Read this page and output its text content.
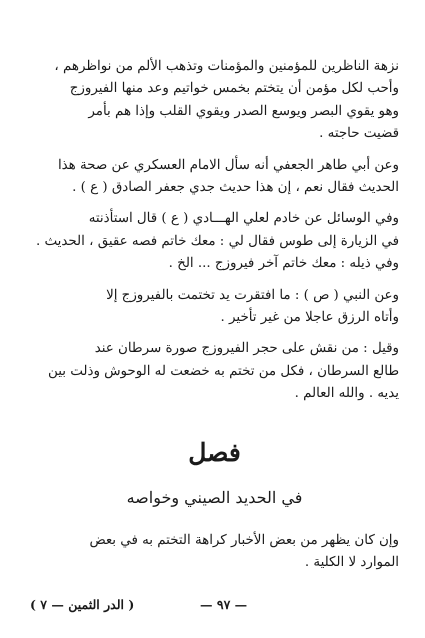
نزهة الناظرين للمؤمنين والمؤمنات وتذهب الألم من نواظرهم ،
وأحب لكل مؤمن أن يتختم بخمس خواتيم وعد منها الفيروزج
وهو يقوي البصر ويوسع الصدر ويقوي القلب وإذا هم بأمر
قضيت حاجته .
وعن أبي طاهر الجعفي أنه سأل الامام العسكري عن صحة هذا
الحديث فقال نعم ، إن هذا حديث جدي جعفر الصادق ( ع ) .
وفي الوسائل عن خادم لعلي الهـــادي ( ع ) قال استأذنته
في الزيارة إلى طوس فقال لي : معك خاتم فصه عقيق ، الحديث .
وفي ذيله : معك خاتم آخر فيروزج ... الخ .
وعن النبي ( ص ) : ما افتقرت يد تختمت بالفيروزج إلا
وأتاه الرزق عاجلا من غير تأخير .
وقيل : من نقش على حجر الفيروزج صورة سرطان عند
طالع السرطان ، فكل من تختم به خضعت له الوحوش وذلت بين
يديه . والله العالم .
فصل
في الحديد الصيني وخواصه
وإن كان يظهر من بعض الأخبار كراهة التختم به في بعض
الموارد لا الكلية .
( الدر الثمين — ٧ )	— ٩٧ —
